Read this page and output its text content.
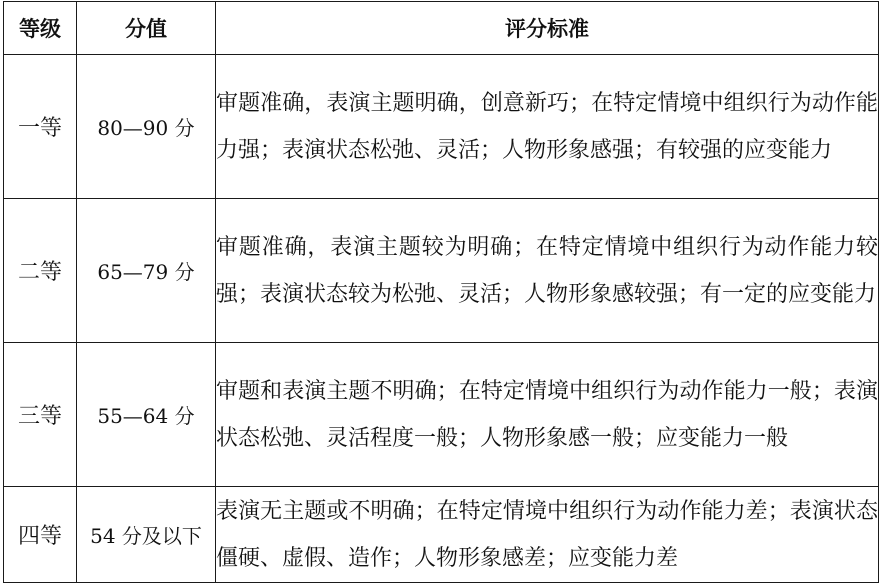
等级	分值	评分标准
一等	80—90 分	审题准确，表演主题明确，创意新巧；在特定情境中组织行为动作能力强；表演状态松弛、灵活；人物形象感强；有较强的应变能力
二等	65—79 分	审题准确，表演主题较为明确；在特定情境中组织行为动作能力较强；表演状态较为松弛、灵活；人物形象感较强；有一定的应变能力
三等	55—64 分	审题和表演主题不明确；在特定情境中组织行为动作能力一般；表演状态松弛、灵活程度一般；人物形象感一般；应变能力一般
四等	54 分及以下	表演无主题或不明确；在特定情境中组织行为动作能力差；表演状态僵硬、虚假、造作；人物形象感差；应变能力差
